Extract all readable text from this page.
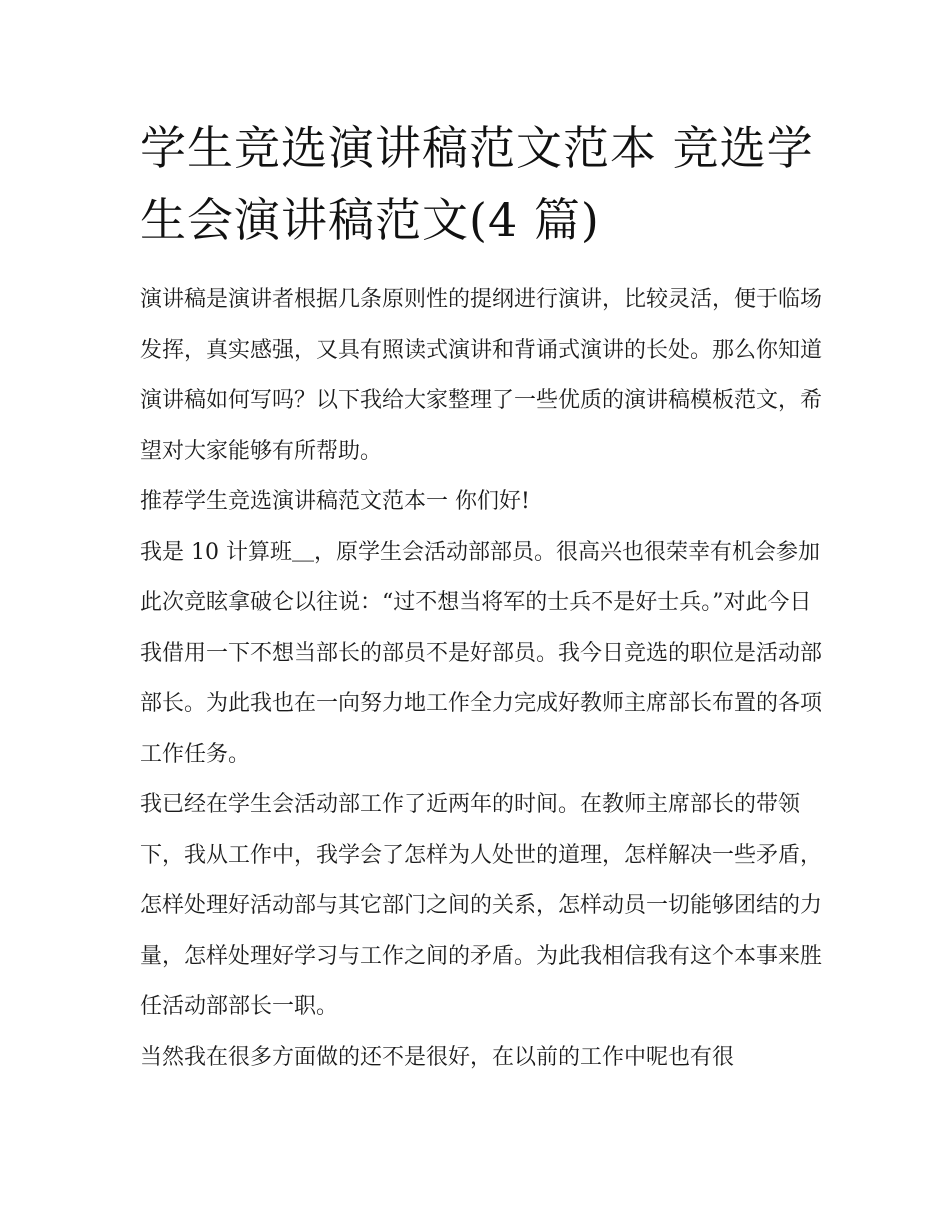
学生竞选演讲稿范文范本 竞选学生会演讲稿范文(4 篇)

演讲稿是演讲者根据几条原则性的提纲进行演讲，比较灵活，便于临场发挥，真实感强，又具有照读式演讲和背诵式演讲的长处。那么你知道演讲稿如何写吗？以下我给大家整理了一些优质的演讲稿模板范文，希望对大家能够有所帮助。

推荐学生竞选演讲稿范文范本一 你们好!

我是 10 计算班＿，原学生会活动部部员。很高兴也很荣幸有机会参加此次竞眩拿破仑以往说：“过不想当将军的士兵不是好士兵。”对此今日我借用一下不想当部长的部员不是好部员。我今日竞选的职位是活动部部长。为此我也在一向努力地工作全力完成好教师主席部长布置的各项工作任务。

我已经在学生会活动部工作了近两年的时间。在教师主席部长的带领下，我从工作中，我学会了怎样为人处世的道理，怎样解决一些矛盾，怎样处理好活动部与其它部门之间的关系，怎样动员一切能够团结的力量，怎样处理好学习与工作之间的矛盾。为此我相信我有这个本事来胜任活动部部长一职。

当然我在很多方面做的还不是很好，在以前的工作中呢也有很
